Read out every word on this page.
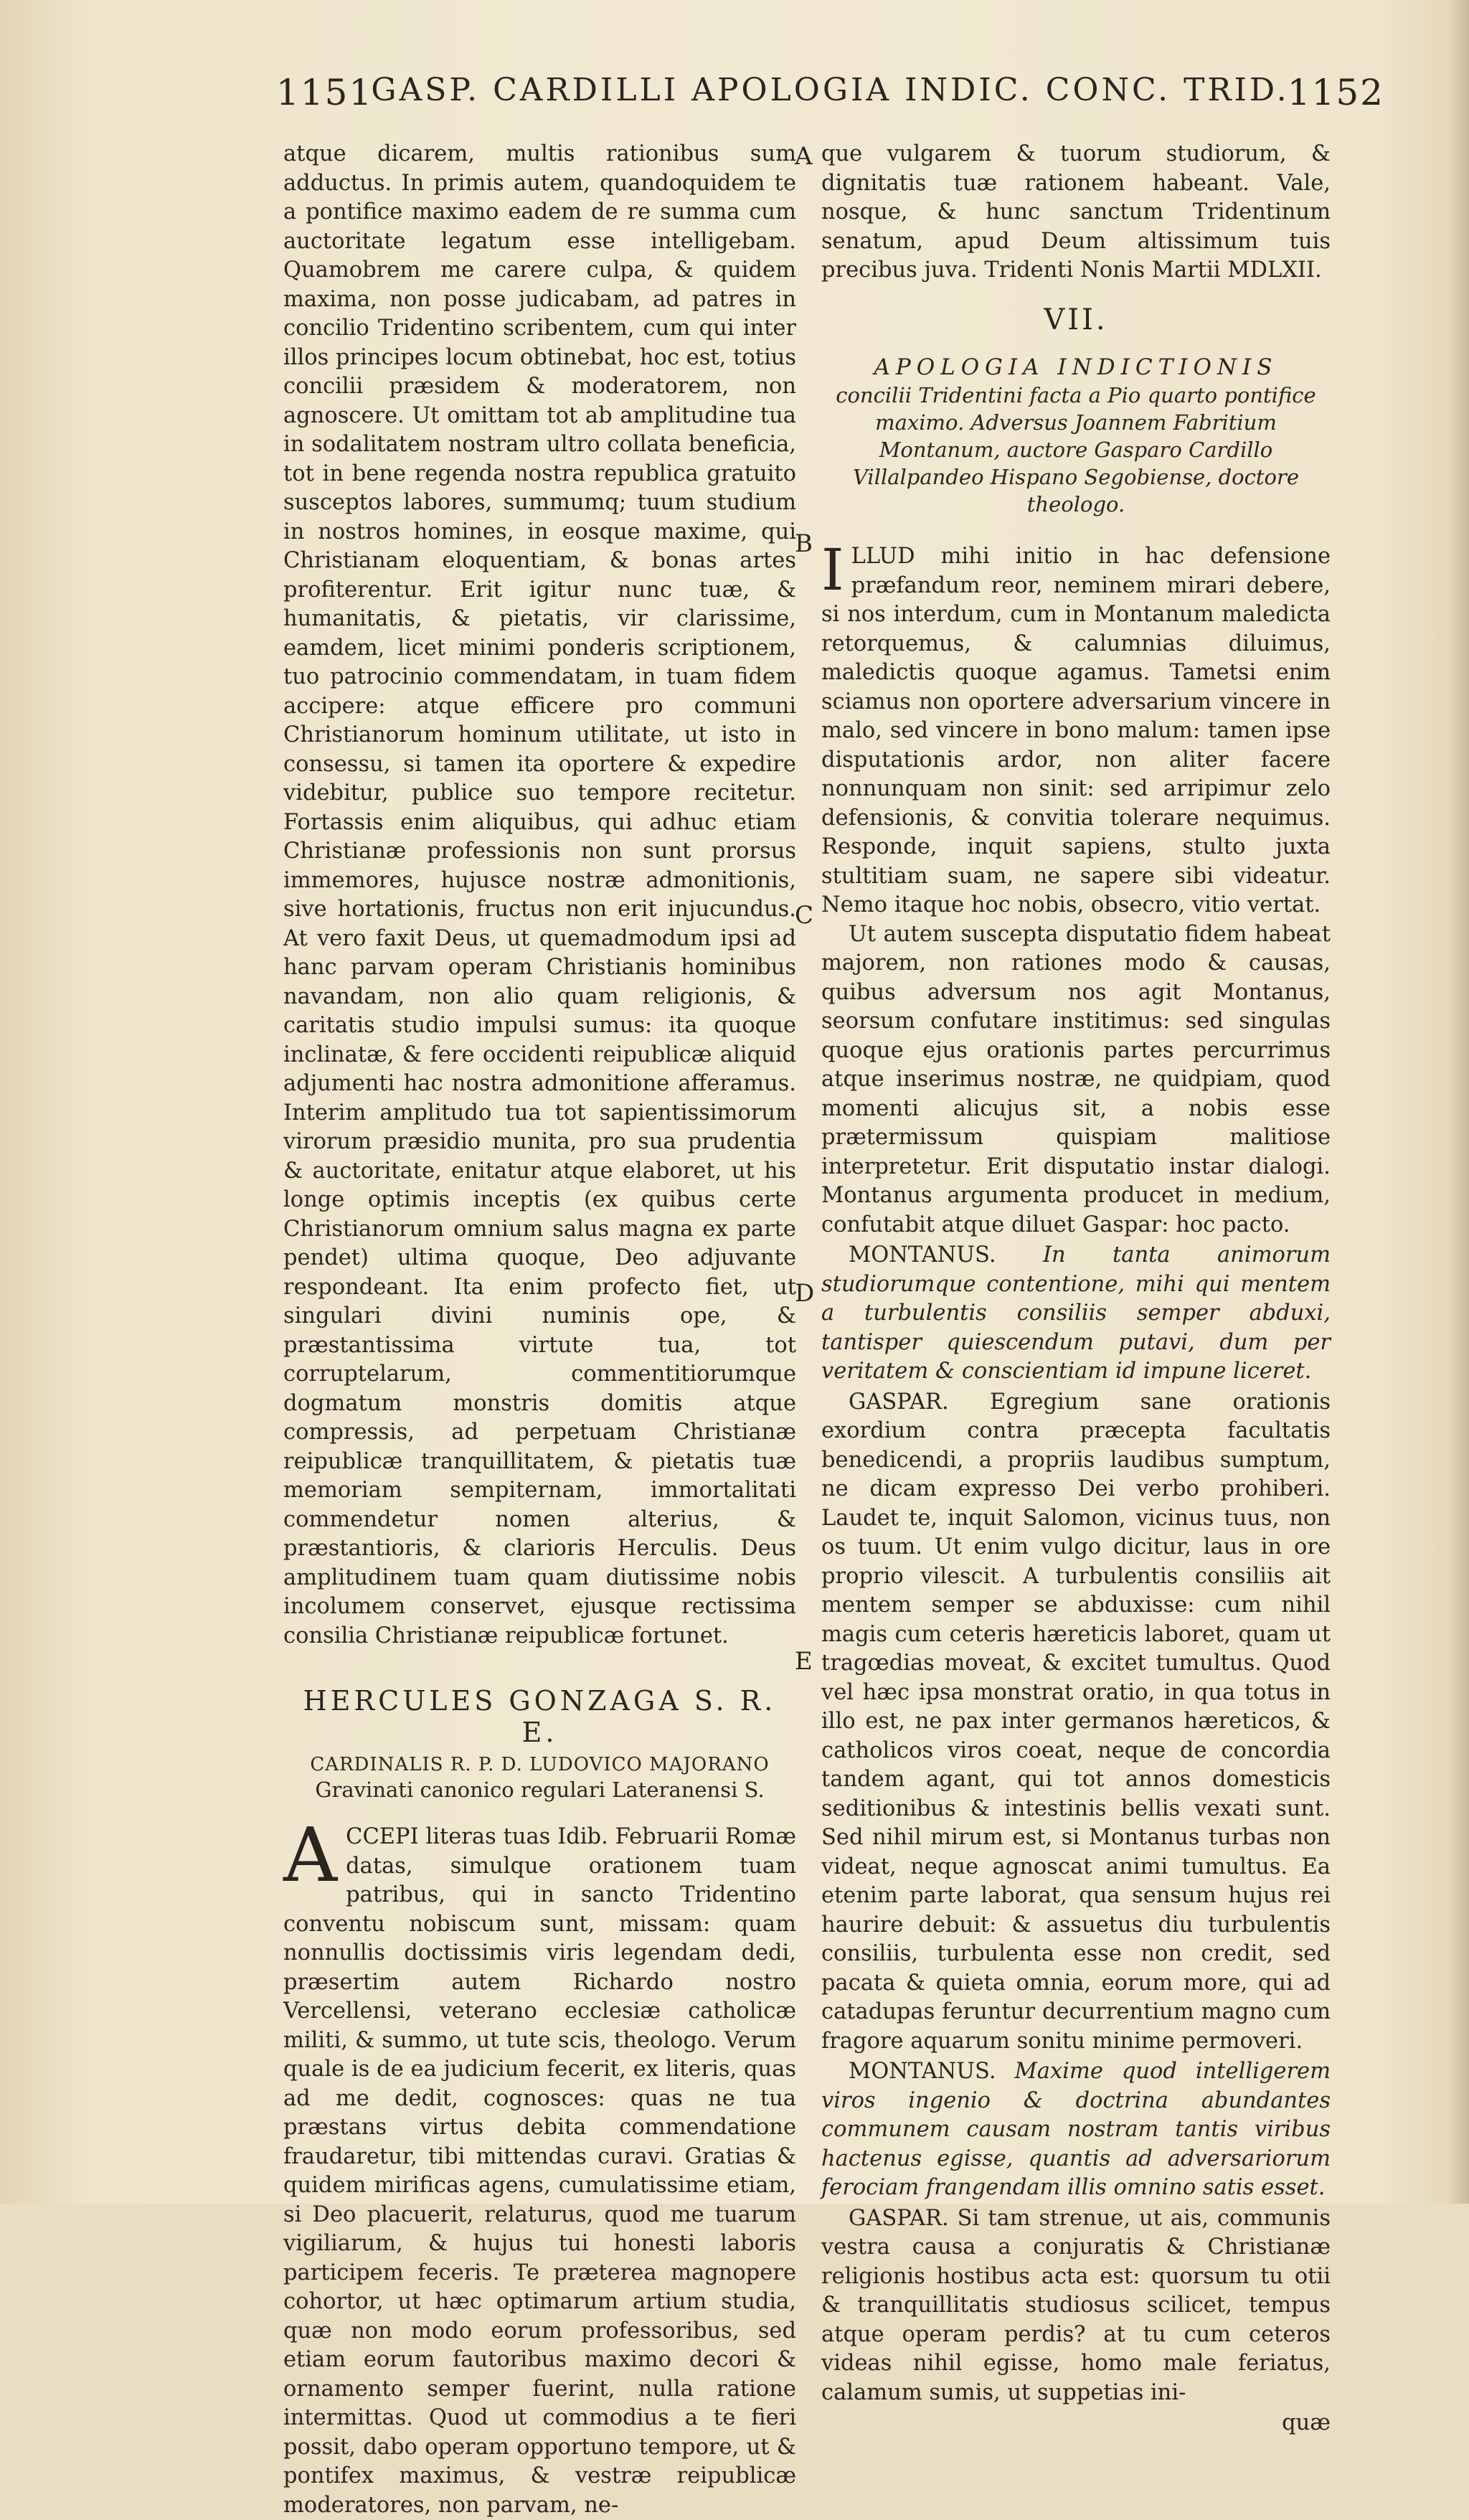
1151
GASP. CARDILLI APOLOGIA INDIC. CONC. TRID.
1152
A
B
C
D
E

atque dicarem, multis rationibus sum adductus. In primis autem, quandoquidem te a pontifice maximo eadem de re summa cum auctoritate legatum esse intelligebam. Quamobrem me carere culpa, & quidem maxima, non posse judicabam, ad patres in concilio Tridentino scribentem, cum qui inter illos principes locum obtinebat, hoc est, totius concilii præsidem & moderatorem, non agnoscere. Ut omittam tot ab amplitudine tua in sodalitatem nostram ultro collata beneficia, tot in bene regenda nostra republica gratuito susceptos labores, summumq; tuum studium in nostros homines, in eosque maxime, qui Christianam eloquentiam, & bonas artes profiterentur. Erit igitur nunc tuæ, & humanitatis, & pietatis, vir clarissime, eamdem, licet minimi ponderis scriptionem, tuo patrocinio commendatam, in tuam fidem accipere: atque efficere pro communi Christianorum hominum utilitate, ut isto in consessu, si tamen ita oportere & expedire videbitur, publice suo tempore recitetur. Fortassis enim aliquibus, qui adhuc etiam Christianæ professionis non sunt prorsus immemores, hujusce nostræ admonitionis, sive hortationis, fructus non erit injucundus. At vero faxit Deus, ut quemadmodum ipsi ad hanc parvam operam Christianis hominibus navandam, non alio quam religionis, & caritatis studio impulsi sumus: ita quoque inclinatæ, & fere occidenti reipublicæ aliquid adjumenti hac nostra admonitione afferamus. Interim amplitudo tua tot sapientissimorum virorum præsidio munita, pro sua prudentia & auctoritate, enitatur atque elaboret, ut his longe optimis inceptis (ex quibus certe Christianorum omnium salus magna ex parte pendet) ultima quoque, Deo adjuvante respondeant. Ita enim profecto fiet, ut singulari divini numinis ope, & præstantissima virtute tua, tot corruptelarum, commentitiorumque dogmatum monstris domitis atque compressis, ad perpetuam Christianæ reipublicæ tranquillitatem, & pietatis tuæ memoriam sempiternam, immortalitati commendetur nomen alterius, & præstantioris, & clarioris Herculis. Deus amplitudinem tuam quam diutissime nobis incolumem conservet, ejusque rectissima consilia Christianæ reipublicæ fortunet.

HERCULES GONZAGA S. R. E.
CARDINALIS R. P. D. LUDOVICO MAJORANO
Gravinati canonico regulari Lateranensi S.
A CCEPI literas tuas Idib. Februarii Romæ datas, simulque orationem tuam patribus, qui in sancto Tridentino conventu nobiscum sunt, missam: quam nonnullis doctissimis viris legendam dedi, præsertim autem Richardo nostro Vercellensi, veterano ecclesiæ catholicæ militi, & summo, ut tute scis, theologo. Verum quale is de ea judicium fecerit, ex literis, quas ad me dedit, cognosces: quas ne tua præstans virtus debita commendatione fraudaretur, tibi mittendas curavi. Gratias & quidem mirificas agens, cumulatissime etiam, si Deo placuerit, relaturus, quod me tuarum vigiliarum, & hujus tui honesti laboris participem feceris. Te præterea magnopere cohortor, ut hæc optimarum artium studia, quæ non modo eorum professoribus, sed etiam eorum fautoribus maximo decori & ornamento semper fuerint, nulla ratione intermittas. Quod ut commodius a te fieri possit, dabo operam opportuno tempore, ut & pontifex maximus, & vestræ reipublicæ moderatores, non parvam, ne-

que vulgarem & tuorum studiorum, & dignitatis tuæ rationem habeant. Vale, nosque, & hunc sanctum Tridentinum senatum, apud Deum altissimum tuis precibus juva. Tridenti Nonis Martii MDLXII.

VII.
APOLOGIA INDICTIONIS
concilii Tridentini facta a Pio quarto pontifice maximo. Adversus Joannem Fabritium Montanum, auctore Gasparo Cardillo Villalpandeo Hispano Segobiense, doctore theologo.
I LLUD mihi initio in hac defensione præfandum reor, neminem mirari debere, si nos interdum, cum in Montanum maledicta retorquemus, & calumnias diluimus, maledictis quoque agamus. Tametsi enim sciamus non oportere adversarium vincere in malo, sed vincere in bono malum: tamen ipse disputationis ardor, non aliter facere nonnunquam non sinit: sed arripimur zelo defensionis, & convitia tolerare nequimus. Responde, inquit sapiens, stulto juxta stultitiam suam, ne sapere sibi videatur. Nemo itaque hoc nobis, obsecro, vitio vertat.

Ut autem suscepta disputatio fidem habeat majorem, non rationes modo & causas, quibus adversum nos agit Montanus, seorsum confutare institimus: sed singulas quoque ejus orationis partes percurrimus atque inserimus nostræ, ne quidpiam, quod momenti alicujus sit, a nobis esse prætermissum quispiam malitiose interpretetur. Erit disputatio instar dialogi. Montanus argumenta producet in medium, confutabit atque diluet Gaspar: hoc pacto.

MONTANUS. In tanta animorum studiorumque contentione, mihi qui mentem a turbulentis consiliis semper abduxi, tantisper quiescendum putavi, dum per veritatem & conscientiam id impune liceret.

GASPAR. Egregium sane orationis exordium contra præcepta facultatis benedicendi, a propriis laudibus sumptum, ne dicam expresso Dei verbo prohiberi. Laudet te, inquit Salomon, vicinus tuus, non os tuum. Ut enim vulgo dicitur, laus in ore proprio vilescit. A turbulentis consiliis ait mentem semper se abduxisse: cum nihil magis cum ceteris hæreticis laboret, quam ut tragœdias moveat, & excitet tumultus. Quod vel hæc ipsa monstrat oratio, in qua totus in illo est, ne pax inter germanos hæreticos, & catholicos viros coeat, neque de concordia tandem agant, qui tot annos domesticis seditionibus & intestinis bellis vexati sunt. Sed nihil mirum est, si Montanus turbas non videat, neque agnoscat animi tumultus. Ea etenim parte laborat, qua sensum hujus rei haurire debuit: & assuetus diu turbulentis consiliis, turbulenta esse non credit, sed pacata & quieta omnia, eorum more, qui ad catadupas feruntur decurrentium magno cum fragore aquarum sonitu minime permoveri.

MONTANUS. Maxime quod intelligerem viros ingenio & doctrina abundantes communem causam nostram tantis viribus hactenus egisse, quantis ad adversariorum ferociam frangendam illis omnino satis esset.

GASPAR. Si tam strenue, ut ais, communis vestra causa a conjuratis & Christianæ religionis hostibus acta est: quorsum tu otii & tranquillitatis studiosus scilicet, tempus atque operam perdis? at tu cum ceteros videas nihil egisse, homo male feriatus, calamum sumis, ut suppetias ini-

quæ
